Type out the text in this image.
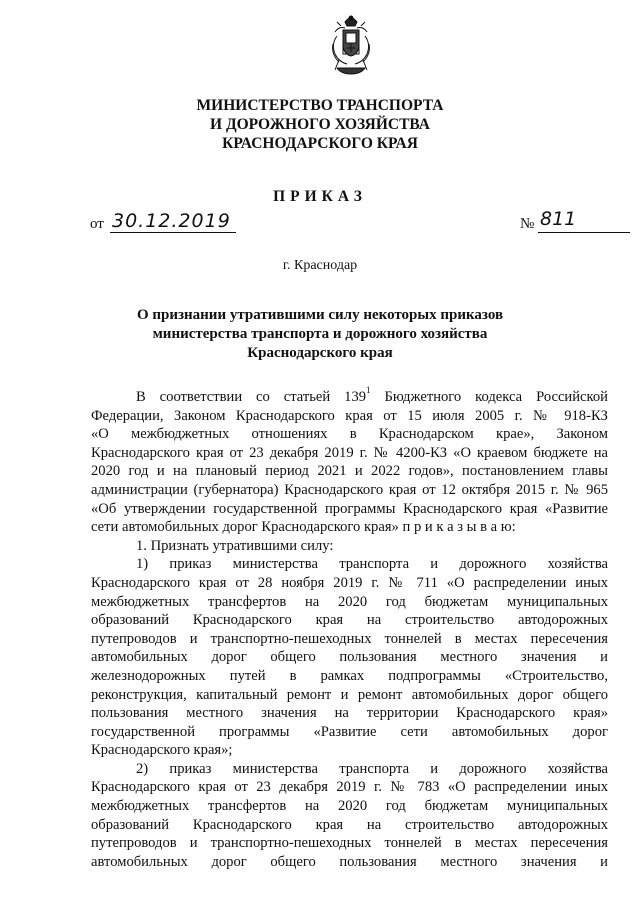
МИНИСТЕРСТВО ТРАНСПОРТА
И ДОРОЖНОГО ХОЗЯЙСТВА
КРАСНОДАРСКОГО КРАЯ
ПРИКАЗ
от 30.12.2019	№ 811
г. Краснодар
О признании утратившими силу некоторых приказов
министерства транспорта и дорожного хозяйства
Краснодарского края

В соответствии со статьей $139^1$ Бюджетного кодекса Российской

Федерации, Законом Краснодарского края от 15 июля 2005 г. № 918-КЗ

«О межбюджетных отношениях в Краснодарском крае», Законом

Краснодарского края от 23 декабря 2019 г. № 4200-КЗ «О краевом бюджете на

2020 год и на плановый период 2021 и 2022 годов», постановлением главы

администрации (губернатора) Краснодарского края от 12 октября 2015 г. № 965

«Об утверждении государственной программы Краснодарского края «Развитие

сети автомобильных дорог Краснодарского края» п р и к а з ы в а ю:

1. Признать утратившими силу:

1) приказ министерства транспорта и дорожного хозяйства

Краснодарского края от 28 ноября 2019 г. № 711 «О распределении иных

межбюджетных трансфертов на 2020 год бюджетам муниципальных

образований Краснодарского края на строительство автодорожных

путепроводов и транспортно-пешеходных тоннелей в местах пересечения

автомобильных дорог общего пользования местного значения и

железнодорожных путей в рамках подпрограммы «Строительство,

реконструкция, капитальный ремонт и ремонт автомобильных дорог общего

пользования местного значения на территории Краснодарского края»

государственной программы «Развитие сети автомобильных дорог

Краснодарского края»;

2) приказ министерства транспорта и дорожного хозяйства

Краснодарского края от 23 декабря 2019 г. № 783 «О распределении иных

межбюджетных трансфертов на 2020 год бюджетам муниципальных

образований Краснодарского края на строительство автодорожных

путепроводов и транспортно-пешеходных тоннелей в местах пересечения

автомобильных дорог общего пользования местного значения и
